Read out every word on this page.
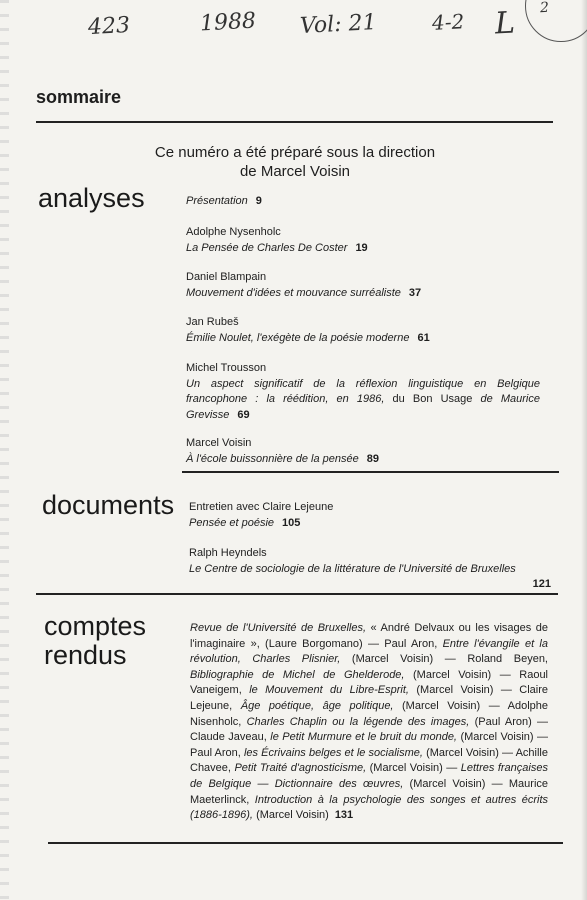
423	1988 Vol: 21	4-2 L 2
sommaire
Ce numéro a été préparé sous la direction
de Marcel Voisin
analyses	Présentation 9
Adolphe Nysenholc
La Pensée de Charles De Coster 19
Daniel Blampain
Mouvement d'idées et mouvance surréaliste 37
Jan Rubeš
Émilie Noulet, l'exégète de la poésie moderne 61
Michel Trousson
Un aspect significatif de la réflexion linguistique en Belgique francophone : la réédition, en 1986, du Bon Usage de Maurice Grevisse 69
Marcel Voisin
À l'école buissonnière de la pensée 89
documents Entretien avec Claire Lejeune
Pensée et poésie 105
Ralph Heyndels
Le Centre de sociologie de la littérature de l'Université de Bruxelles
121
comptes
rendus
Revue de l'Université de Bruxelles, « André Delvaux ou les visages de l'imaginaire », (Laure Borgomano) — Paul Aron, Entre l'évangile et la révolution, Charles Plisnier, (Marcel Voisin) — Roland Beyen, Bibliographie de Michel de Ghelderode, (Marcel Voisin) — Raoul Vaneigem, le Mouvement du Libre-Esprit, (Marcel Voisin) — Claire Lejeune, Âge poétique, âge politique, (Marcel Voisin) — Adolphe Nisenholc, Charles Chaplin ou la légende des images, (Paul Aron) — Claude Javeau, le Petit Murmure et le bruit du monde, (Marcel Voisin) — Paul Aron, les Écrivains belges et le socialisme, (Marcel Voisin) — Achille Chavee, Petit Traité d'agnosticisme, (Marcel Voisin) — Lettres françaises de Belgique — Dictionnaire des œuvres, (Marcel Voisin) — Maurice Maeterlinck, Introduction à la psychologie des songes et autres écrits (1886-1896), (Marcel Voisin) 131
